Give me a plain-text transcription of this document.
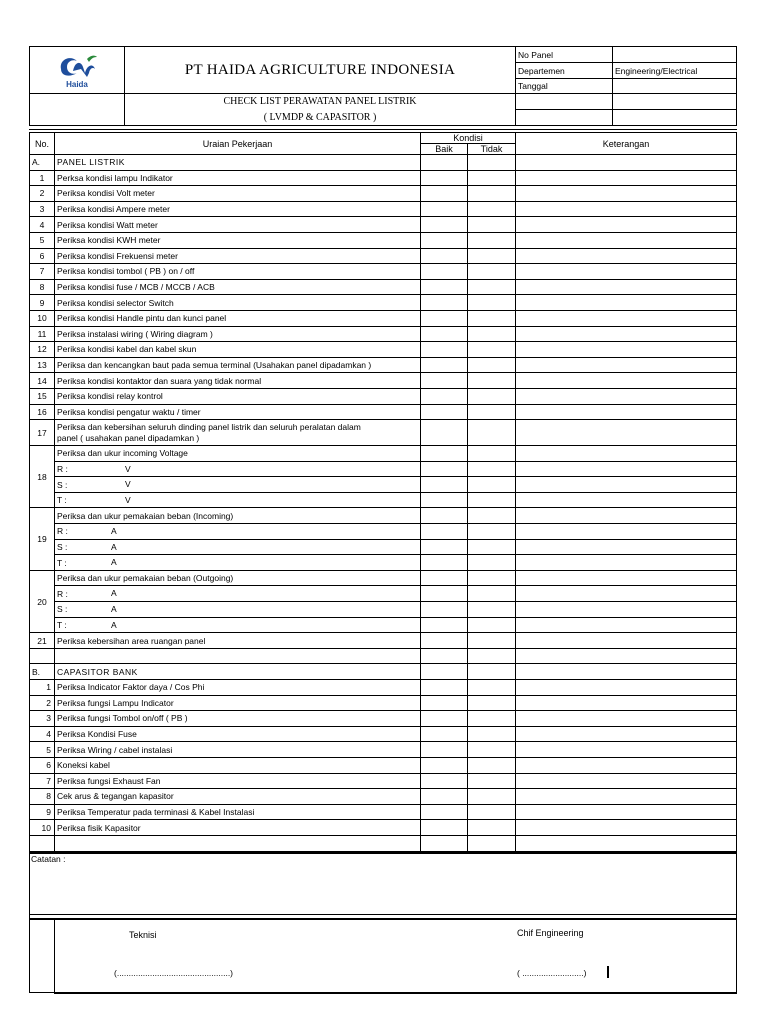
Haida	PT HAIDA AGRICULTURE INDONESIA	No Panel	
		Departemen	Engineering/Electrical
		Tanggal	
	CHECK LIST PERAWATAN PANEL LISTRIK		
	( LVMDP & CAPASITOR )		
No.	Uraian Pekerjaan	Kondisi		Keterangan
		Baik	Tidak	
A.	PANEL LISTRIK			
1	Perksa kondisi lampu Indikator			
2	Periksa kondisi Volt meter			
3	Periksa kondisi Ampere meter			
4	Periksa kondisi Watt meter			
5	Periksa kondisi KWH meter			
6	Periksa kondisi Frekuensi meter			
7	Periksa kondisi tombol ( PB ) on / off			
8	Periksa kondisi fuse / MCB / MCCB / ACB			
9	Periksa kondisi selector Switch			
10	Periksa kondisi Handle pintu dan kunci panel			
11	Periksa instalasi wiring ( Wiring diagram )			
12	Periksa kondisi kabel dan kabel skun			
13	Periksa dan kencangkan baut pada semua terminal (Usahakan panel dipadamkan )			
14	Periksa kondisi kontaktor dan suara yang tidak normal			
15	Periksa kondisi relay kontrol			
16	Periksa kondisi pengatur waktu / timer			
17	Periksa dan kebersihan seluruh dinding panel listrik dan seluruh peralatan dalam
panel ( usahakan panel dipadamkan )			
18	Periksa dan ukur incoming Voltage			
	R : V			

	S : V			

	T : V			

19	Periksa dan ukur pemakaian beban (Incoming)			
	R : A			

	S : A			

	T : A			

20	Periksa dan ukur pemakaian beban (Outgoing)			
	R : A			

	S : A			

	T : A			

21	Periksa kebersihan area ruangan panel			

B.	CAPASITOR BANK			
1	Periksa Indicator Faktor daya / Cos Phi			
2	Periksa fungsi Lampu Indicator			
3	Periksa fungsi Tombol on/off ( PB )			
4	Periksa Kondisi Fuse			
5	Periksa Wiring / cabel instalasi			
6	Koneksi kabel			
7	Periksa fungsi Exhaust Fan			
8	Cek arus & tegangan kapasitor			
9	Periksa Temperatur pada terminasi & Kabel Instalasi			
10	Periksa fisik Kapasitor			

Catatan :

Teknisi
(................................................)
Chif Engineering
( ..........................)
